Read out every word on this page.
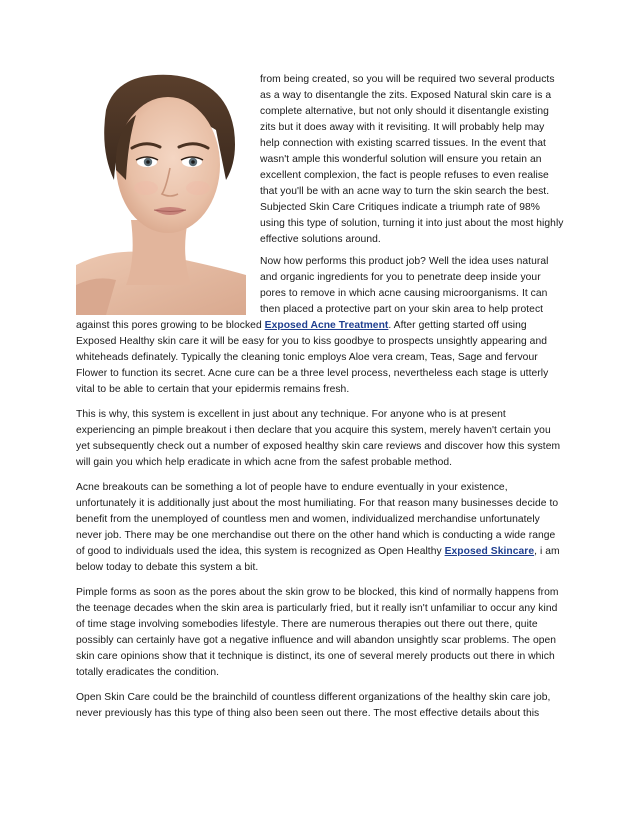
from being created, so you will be required two several products as a way to disentangle the zits. Exposed Natural skin care is a complete alternative, but not only should it disentangle existing zits but it does away with it revisiting. It will probably help may help connection with existing scarred tissues. In the event that wasn't ample this wonderful solution will ensure you retain an excellent complexion, the fact is people refuses to even realise that you'll be with an acne way to turn the skin search the best. Subjected Skin Care Critiques indicate a triumph rate of 98% using this type of solution, turning it into just about the most highly effective solutions around.

Now how performs this product job? Well the idea uses natural and organic ingredients for you to penetrate deep inside your pores to remove in which acne causing microorganisms. It can then placed a protective part on your skin area to help protect against this pores growing to be blocked Exposed Acne Treatment. After getting started off using Exposed Healthy skin care it will be easy for you to kiss goodbye to prospects unsightly appearing and whiteheads definately. Typically the cleaning tonic employs Aloe vera cream, Teas, Sage and fervour Flower to function its secret. Acne cure can be a three level process, nevertheless each stage is utterly vital to be able to certain that your epidermis remains fresh.

This is why, this system is excellent in just about any technique. For anyone who is at present experiencing an pimple breakout i then declare that you acquire this system, merely haven't certain you yet subsequently check out a number of exposed healthy skin care reviews and discover how this system will gain you which help eradicate in which acne from the safest probable method.

Acne breakouts can be something a lot of people have to endure eventually in your existence, unfortunately it is additionally just about the most humiliating. For that reason many businesses decide to benefit from the unemployed of countless men and women, individualized merchandise unfortunately never job. There may be one merchandise out there on the other hand which is conducting a wide range of good to individuals used the idea, this system is recognized as Open Healthy Exposed Skincare, i am below today to debate this system a bit.

Pimple forms as soon as the pores about the skin grow to be blocked, this kind of normally happens from the teenage decades when the skin area is particularly fried, but it really isn't unfamiliar to occur any kind of time stage involving somebodies lifestyle. There are numerous therapies out there out there, quite possibly can certainly have got a negative influence and will abandon unsightly scar problems. The open skin care opinions show that it technique is distinct, its one of several merely products out there in which totally eradicates the condition.

Open Skin Care could be the brainchild of countless different organizations of the healthy skin care job, never previously has this type of thing also been seen out there. The most effective details about this
